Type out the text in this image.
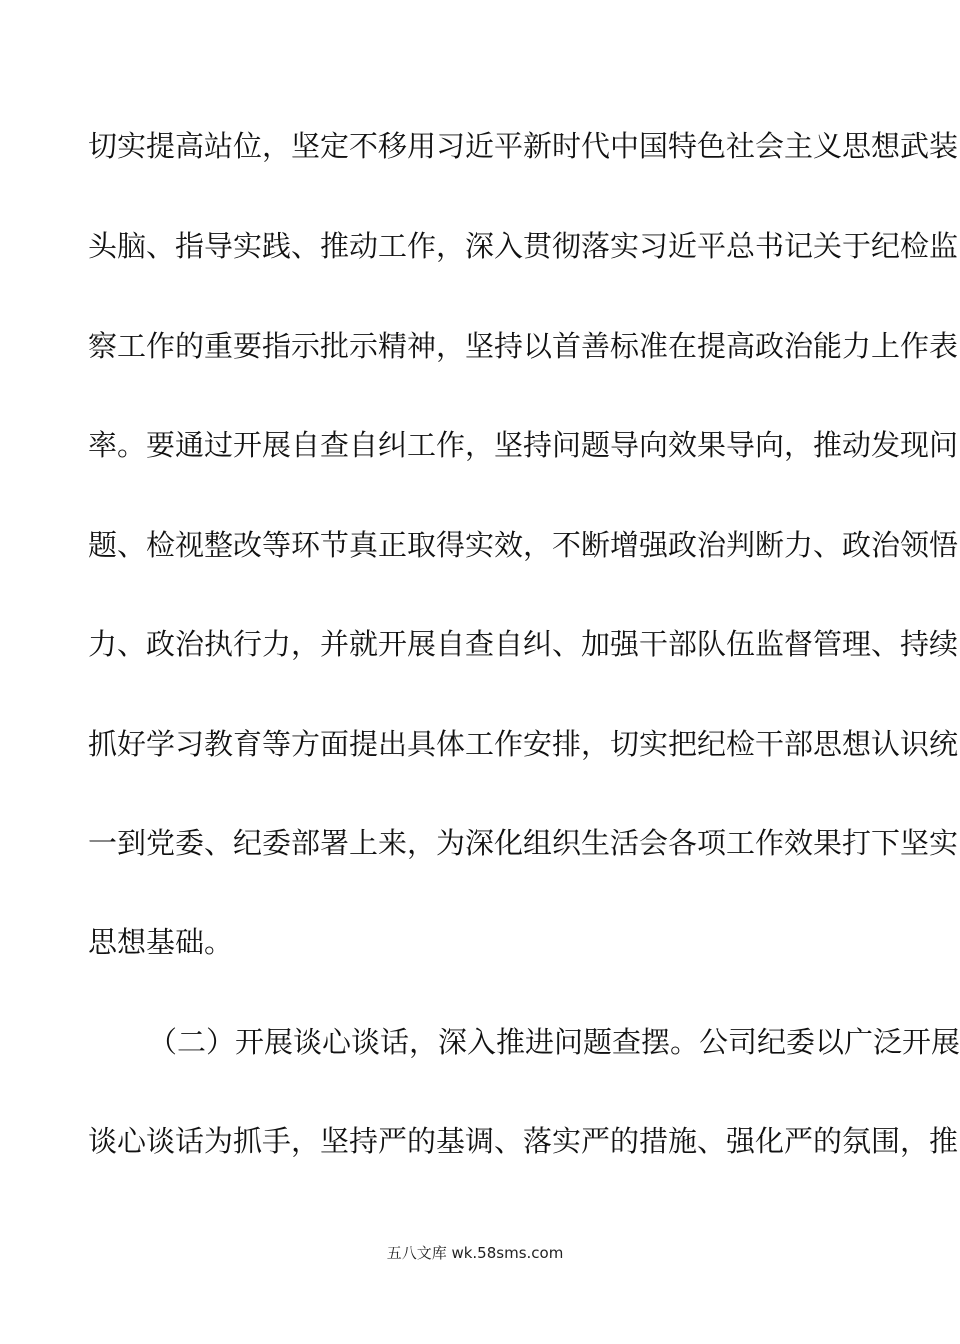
切实提高站位，坚定不移用习近平新时代中国特色社会主义思想武装
头脑、指导实践、推动工作，深入贯彻落实习近平总书记关于纪检监
察工作的重要指示批示精神，坚持以首善标准在提高政治能力上作表
率。要通过开展自查自纠工作，坚持问题导向效果导向，推动发现问
题、检视整改等环节真正取得实效，不断增强政治判断力、政治领悟
力、政治执行力，并就开展自查自纠、加强干部队伍监督管理、持续
抓好学习教育等方面提出具体工作安排，切实把纪检干部思想认识统
一到党委、纪委部署上来，为深化组织生活会各项工作效果打下坚实
思想基础。
（二）开展谈心谈话，深入推进问题查摆。公司纪委以广泛开展
谈心谈话为抓手，坚持严的基调、落实严的措施、强化严的氛围，推
五八文库 wk.58sms.com
